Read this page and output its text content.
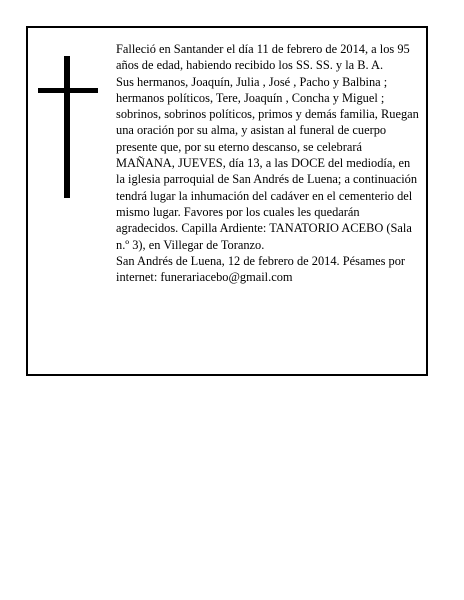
Falleció en Santander el día 11 de febrero de 2014, a los 95 años de edad, habiendo recibido los SS. SS. y la B. A.

Sus hermanos, Joaquín, Julia , José , Pacho y Balbina ; hermanos políticos, Tere, Joaquín , Concha y Miguel ; sobrinos, sobrinos políticos, primos y demás familia, Ruegan una oración por su alma, y asistan al funeral de cuerpo presente que, por su eterno descanso, se celebrará MAÑANA, JUEVES, día 13, a las DOCE del mediodía, en la iglesia parroquial de San Andrés de Luena; a continuación tendrá lugar la inhumación del cadáver en el cementerio del mismo lugar. Favores por los cuales les quedarán agradecidos. Capilla Ardiente: TANATORIO ACEBO (Sala n.º 3), en Villegar de Toranzo.

San Andrés de Luena, 12 de febrero de 2014. Pésames por internet: funerariacebo@gmail.com
